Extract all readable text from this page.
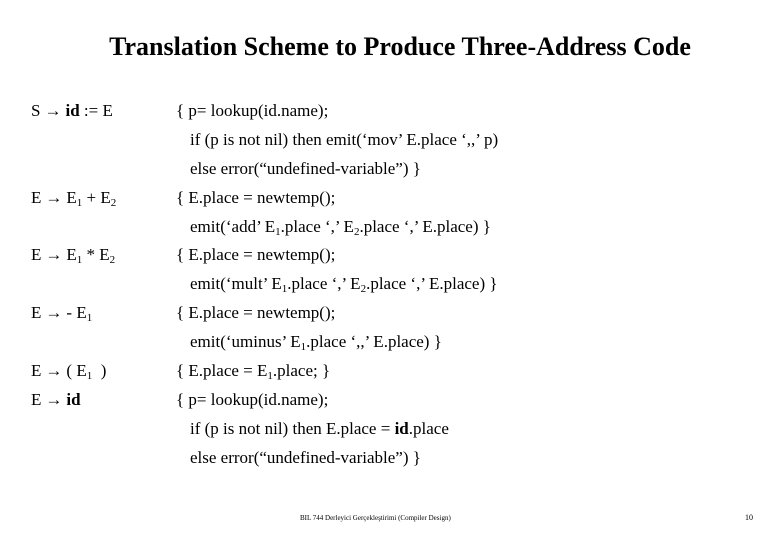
Translation Scheme to Produce Three-Address Code
S → id := E
$E \to E_1 + E_2$
$E \to E_1 * E_2$
E → - $E_1$
E → ( $E_1$ )
E → id
{ p= lookup(id.name);
if (p is not nil) then emit(‘mov’ E.place ‘,,’ p)
else error(“undefined-variable”) }
{ E.place = newtemp();
emit(‘add’ $E_1.place$ ‘,’ $E_2.place$ ‘,’ E.place) }
{ E.place = newtemp();
emit(‘mult’ $E_1.place$ ‘,’ $E_2.place$ ‘,’ E.place) }
{ E.place = newtemp();
emit(‘uminus’ $E_1.place$ ‘,,’ E.place) }
{ E.place = $E_1.place$; }
{ p= lookup(id.name);
if (p is not nil) then E.place = id.place
else error(“undefined-variable”) }
BIL 744 Derleyici Gerçekleştirimi (Compiler Design)	10
